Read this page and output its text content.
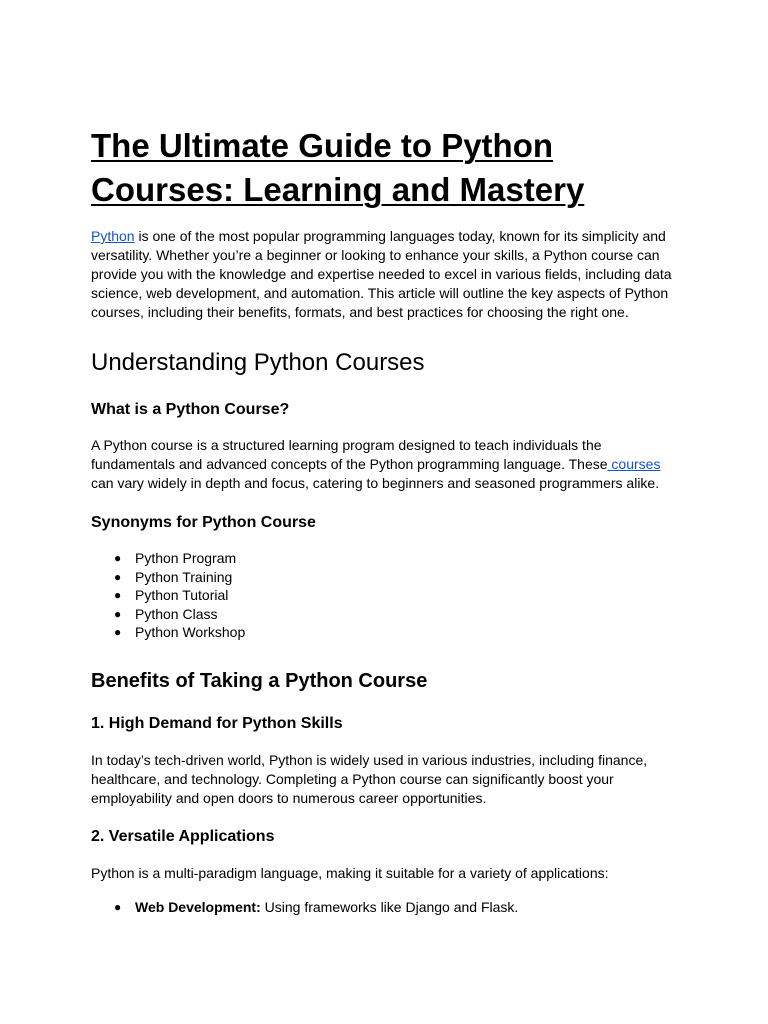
The Ultimate Guide to Python Courses: Learning and Mastery

Python is one of the most popular programming languages today, known for its simplicity and versatility. Whether you’re a beginner or looking to enhance your skills, a Python course can provide you with the knowledge and expertise needed to excel in various fields, including data science, web development, and automation. This article will outline the key aspects of Python courses, including their benefits, formats, and best practices for choosing the right one.

Understanding Python Courses
What is a Python Course?

A Python course is a structured learning program designed to teach individuals the fundamentals and advanced concepts of the Python programming language. These courses can vary widely in depth and focus, catering to beginners and seasoned programmers alike.

Synonyms for Python Course
● Python Program
● Python Training
● Python Tutorial
● Python Class
● Python Workshop
Benefits of Taking a Python Course
1. High Demand for Python Skills

In today’s tech-driven world, Python is widely used in various industries, including finance, healthcare, and technology. Completing a Python course can significantly boost your employability and open doors to numerous career opportunities.

2. Versatile Applications

Python is a multi-paradigm language, making it suitable for a variety of applications:

● Web Development: Using frameworks like Django and Flask.
